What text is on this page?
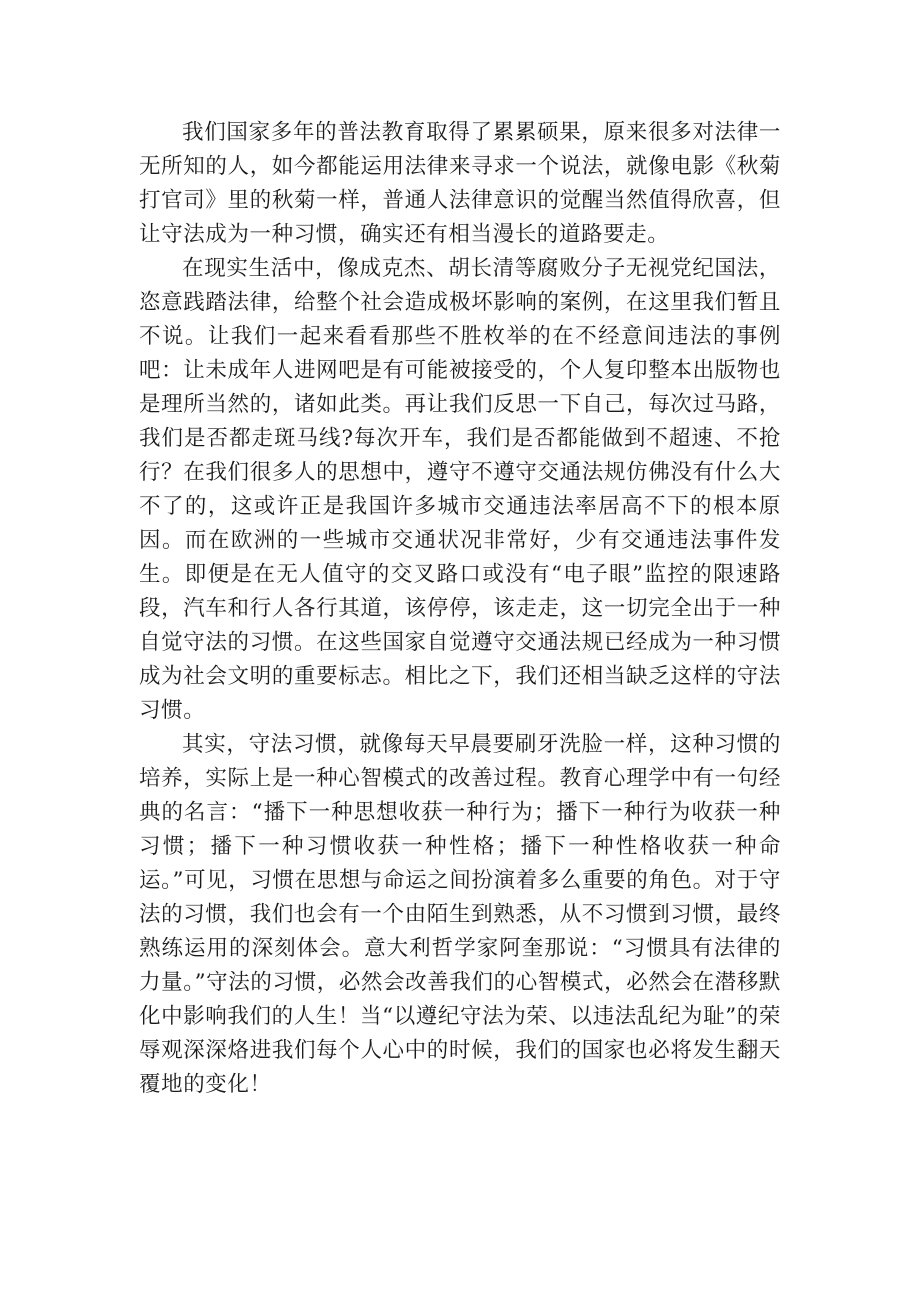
我们国家多年的普法教育取得了累累硕果，原来很多对法律一无所知的人，如今都能运用法律来寻求一个说法，就像电影《秋菊打官司》里的秋菊一样，普通人法律意识的觉醒当然值得欣喜，但让守法成为一种习惯，确实还有相当漫长的道路要走。

在现实生活中，像成克杰、胡长清等腐败分子无视党纪国法，恣意践踏法律，给整个社会造成极坏影响的案例，在这里我们暂且不说。让我们一起来看看那些不胜枚举的在不经意间违法的事例吧：让未成年人进网吧是有可能被接受的，个人复印整本出版物也是理所当然的，诸如此类。再让我们反思一下自己，每次过马路，我们是否都走斑马线?每次开车，我们是否都能做到不超速、不抢行？在我们很多人的思想中，遵守不遵守交通法规仿佛没有什么大不了的，这或许正是我国许多城市交通违法率居高不下的根本原因。而在欧洲的一些城市交通状况非常好，少有交通违法事件发生。即便是在无人值守的交叉路口或没有“电子眼”监控的限速路段，汽车和行人各行其道，该停停，该走走，这一切完全出于一种自觉守法的习惯。在这些国家自觉遵守交通法规已经成为一种习惯成为社会文明的重要标志。相比之下，我们还相当缺乏这样的守法习惯。

其实，守法习惯，就像每天早晨要刷牙洗脸一样，这种习惯的培养，实际上是一种心智模式的改善过程。教育心理学中有一句经典的名言：“播下一种思想收获一种行为；播下一种行为收获一种习惯；播下一种习惯收获一种性格；播下一种性格收获一种命运。”可见，习惯在思想与命运之间扮演着多么重要的角色。对于守法的习惯，我们也会有一个由陌生到熟悉，从不习惯到习惯，最终熟练运用的深刻体会。意大利哲学家阿奎那说：“习惯具有法律的力量。”守法的习惯，必然会改善我们的心智模式，必然会在潜移默化中影响我们的人生！当“以遵纪守法为荣、以违法乱纪为耻”的荣辱观深深烙进我们每个人心中的时候，我们的国家也必将发生翻天覆地的变化！
